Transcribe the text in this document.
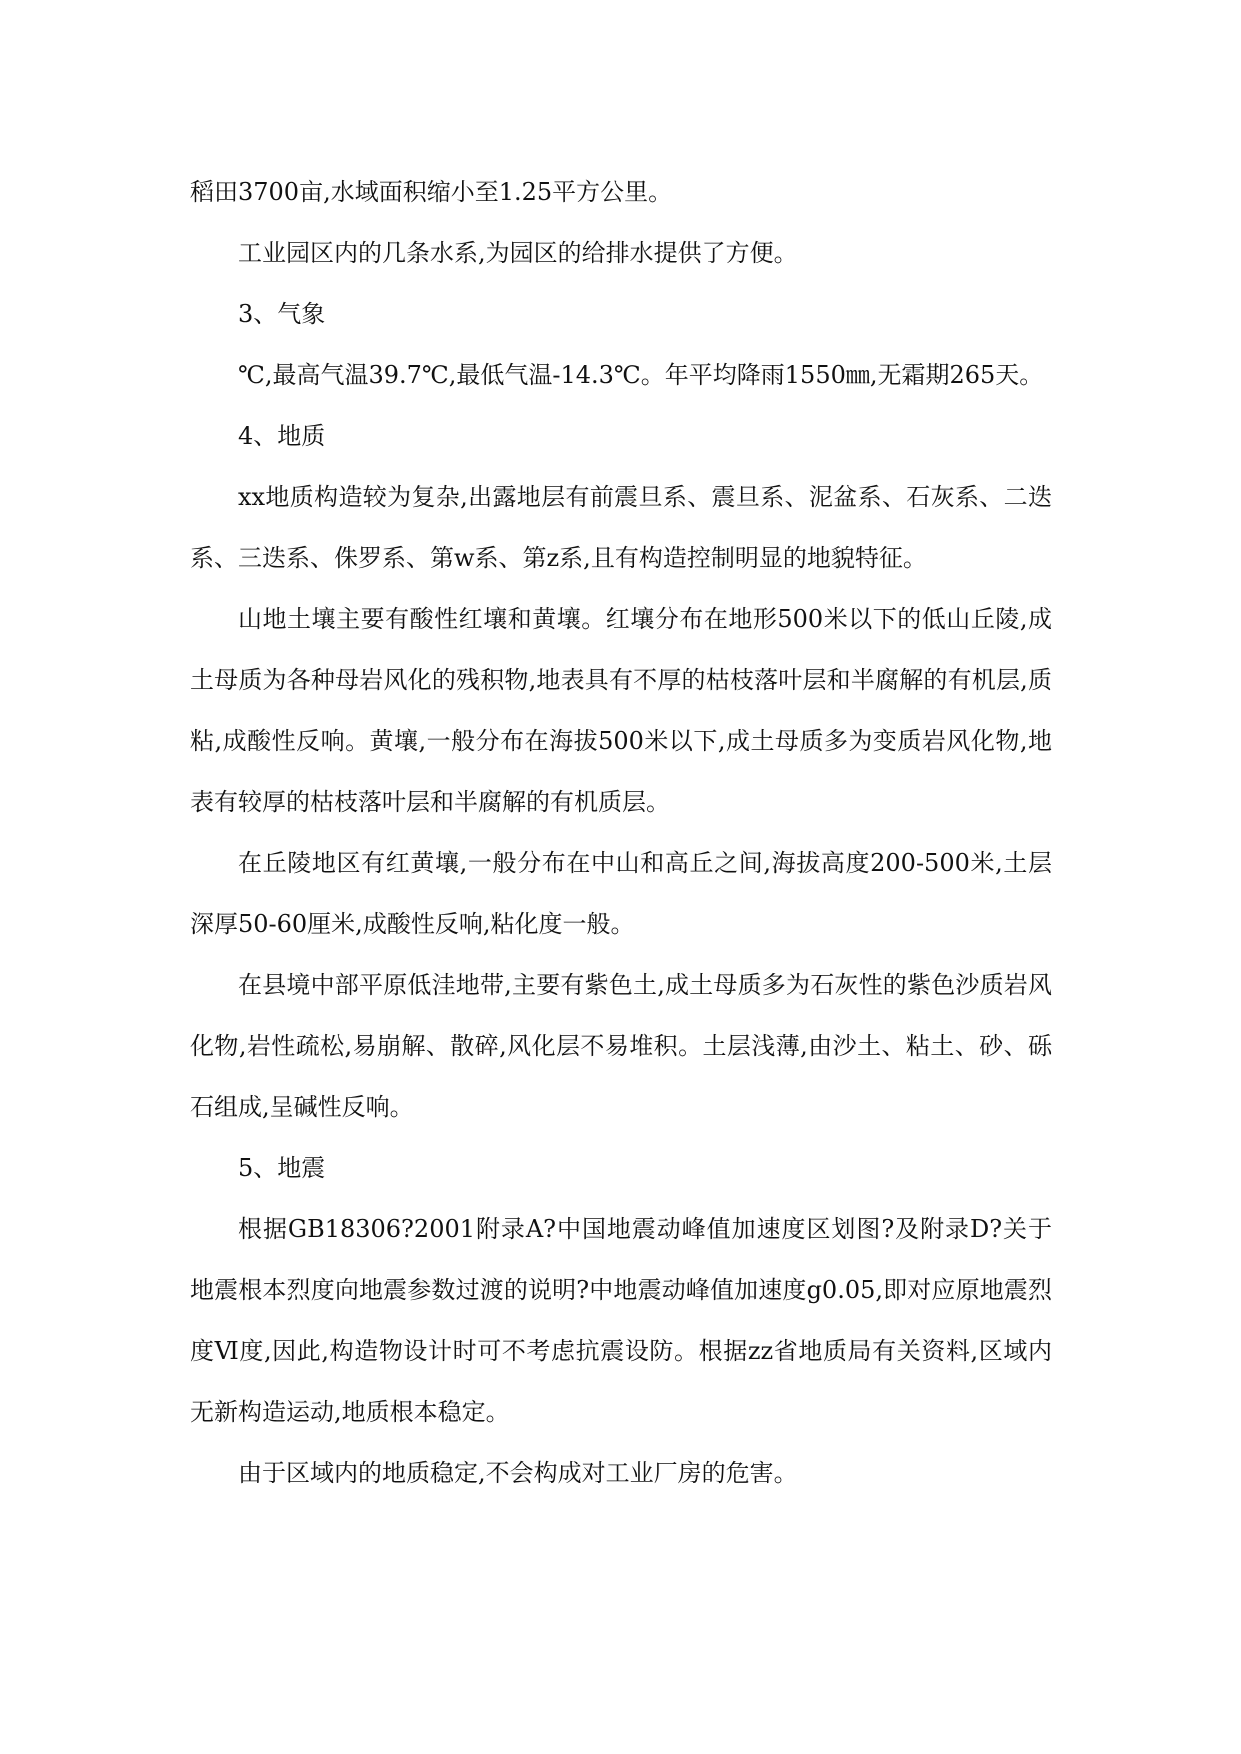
稻田3700亩,水域面积缩小至1.25平方公里。

工业园区内的几条水系,为园区的给排水提供了方便。

3、气象

℃,最高气温39.7℃,最低气温-14.3℃。年平均降雨1550㎜,无霜期265天。

4、地质

xx地质构造较为复杂,出露地层有前震旦系、震旦系、泥盆系、石灰系、二迭系、三迭系、侏罗系、第w系、第z系,且有构造控制明显的地貌特征。

山地土壤主要有酸性红壤和黄壤。红壤分布在地形500米以下的低山丘陵,成土母质为各种母岩风化的残积物,地表具有不厚的枯枝落叶层和半腐解的有机层,质粘,成酸性反响。黄壤,一般分布在海拔500米以下,成土母质多为变质岩风化物,地表有较厚的枯枝落叶层和半腐解的有机质层。

在丘陵地区有红黄壤,一般分布在中山和高丘之间,海拔高度200-500米,土层深厚50-60厘米,成酸性反响,粘化度一般。

在县境中部平原低洼地带,主要有紫色土,成土母质多为石灰性的紫色沙质岩风化物,岩性疏松,易崩解、散碎,风化层不易堆积。土层浅薄,由沙土、粘土、砂、砾石组成,呈碱性反响。

5、地震

根据GB18306?2001附录A?中国地震动峰值加速度区划图?及附录D?关于地震根本烈度向地震参数过渡的说明?中地震动峰值加速度g0.05,即对应原地震烈度Ⅵ度,因此,构造物设计时可不考虑抗震设防。根据zz省地质局有关资料,区域内无新构造运动,地质根本稳定。

由于区域内的地质稳定,不会构成对工业厂房的危害。
